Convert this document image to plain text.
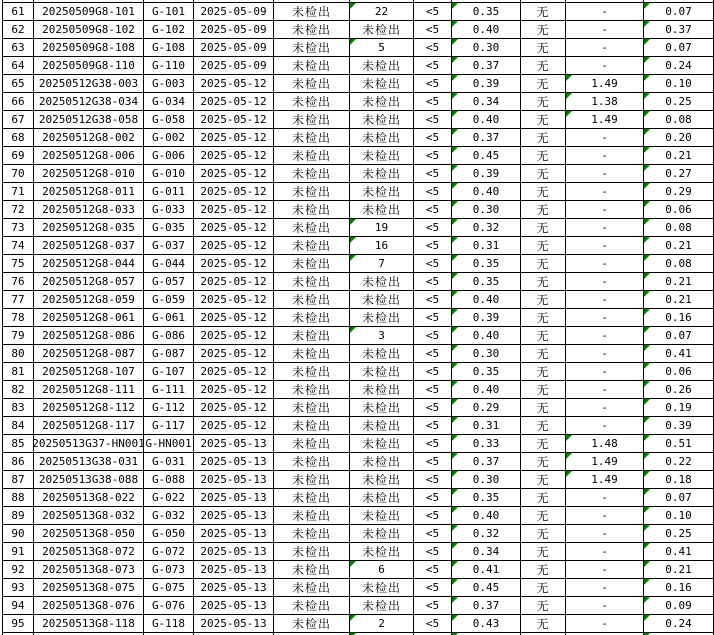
61 20250509G8-101 G-101 2025-05-09 未检出	22	<5	0.35	无	-	0.07
62 20250509G8-102 G-102 2025-05-09 未检出	未检出 <5	0.40	无	-	0.37
63 20250509G8-108 G-108 2025-05-09 未检出	5	<5	0.30	无	-	0.07
64 20250509G8-110 G-110 2025-05-09 未检出	未检出 <5	0.37	无	-	0.24
65 20250512G38-003 G-003 2025-05-12 未检出	未检出 <5	0.39	无	1.49	0.10
66 20250512G38-034 G-034 2025-05-12 未检出	未检出 <5	0.34	无	1.38	0.25
67 20250512G38-058 G-058 2025-05-12 未检出	未检出 <5	0.40	无	1.49	0.08
68 20250512G8-002 G-002 2025-05-12 未检出	未检出 <5	0.37	无	-	0.20
69 20250512G8-006 G-006 2025-05-12 未检出	未检出 <5	0.45	无	-	0.21
70 20250512G8-010 G-010 2025-05-12 未检出	未检出 <5	0.39	无	-	0.27
71 20250512G8-011 G-011 2025-05-12 未检出	未检出 <5	0.40	无	-	0.29
72 20250512G8-033 G-033 2025-05-12 未检出	未检出 <5	0.30	无	-	0.06
73 20250512G8-035 G-035 2025-05-12 未检出	19	<5	0.32	无	-	0.08
74 20250512G8-037 G-037 2025-05-12 未检出	16	<5	0.31	无	-	0.21
75 20250512G8-044 G-044 2025-05-12 未检出	7	<5	0.35	无	-	0.08
76 20250512G8-057 G-057 2025-05-12 未检出	未检出 <5	0.35	无	-	0.21
77 20250512G8-059 G-059 2025-05-12 未检出	未检出 <5	0.40	无	-	0.21
78 20250512G8-061 G-061 2025-05-12 未检出	未检出 <5	0.39	无	-	0.16
79 20250512G8-086 G-086 2025-05-12 未检出	3	<5	0.40	无	-	0.07
80 20250512G8-087 G-087 2025-05-12 未检出	未检出 <5	0.30	无	-	0.41
81 20250512G8-107 G-107 2025-05-12 未检出	未检出 <5	0.35	无	-	0.06
82 20250512G8-111 G-111 2025-05-12 未检出	未检出 <5	0.40	无	-	0.26
83 20250512G8-112 G-112 2025-05-12 未检出	未检出 <5	0.29	无	-	0.19
84 20250512G8-117 G-117 2025-05-12 未检出	未检出 <5	0.31	无	-	0.39
85 20250513G37-HN001 G-HN001 2025-05-13 未检出	未检出 <5	0.33	无	1.48	0.51
86 20250513G38-031 G-031 2025-05-13 未检出	未检出 <5	0.37	无	1.49	0.22
87 20250513G38-088 G-088 2025-05-13 未检出	未检出 <5	0.30	无	1.49	0.18
88 20250513G8-022 G-022 2025-05-13 未检出	未检出 <5	0.35	无	-	0.07
89 20250513G8-032 G-032 2025-05-13 未检出	未检出 <5	0.40	无	-	0.10
90 20250513G8-050 G-050 2025-05-13 未检出	未检出 <5	0.32	无	-	0.25
91 20250513G8-072 G-072 2025-05-13 未检出	未检出 <5	0.34	无	-	0.41
92 20250513G8-073 G-073 2025-05-13 未检出	6	<5	0.41	无	-	0.21
93 20250513G8-075 G-075 2025-05-13 未检出	未检出 <5	0.45	无	-	0.16
94 20250513G8-076 G-076 2025-05-13 未检出	未检出 <5	0.37	无	-	0.09
95 20250513G8-118 G-118 2025-05-13 未检出	2	<5	0.43	无	-	0.24
